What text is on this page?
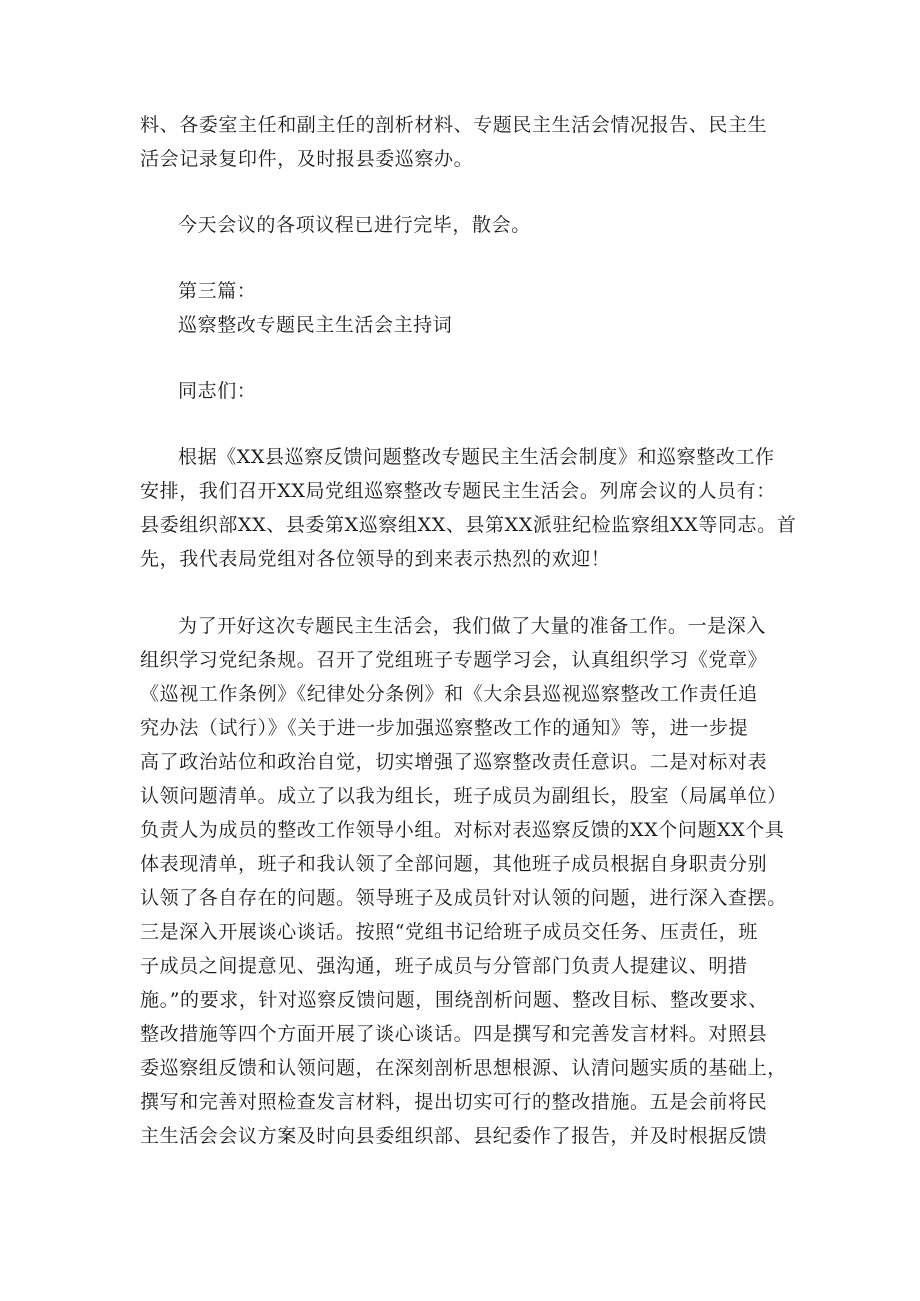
料、各委室主任和副主任的剖析材料、专题民主生活会情况报告、民主生
活会记录复印件，及时报县委巡察办。
今天会议的各项议程已进行完毕，散会。
第三篇：
巡察整改专题民主生活会主持词
同志们：
根据《XX县巡察反馈问题整改专题民主生活会制度》和巡察整改工作
安排，我们召开XX局党组巡察整改专题民主生活会。列席会议的人员有：
县委组织部XX、县委第X巡察组XX、县第XX派驻纪检监察组XX等同志。首
先，我代表局党组对各位领导的到来表示热烈的欢迎！
为了开好这次专题民主生活会，我们做了大量的准备工作。一是深入
组织学习党纪条规。召开了党组班子专题学习会，认真组织学习《党章》
《巡视工作条例》《纪律处分条例》和《大余县巡视巡察整改工作责任追
究办法（试行）》《关于进一步加强巡察整改工作的通知》等，进一步提
高了政治站位和政治自觉，切实增强了巡察整改责任意识。二是对标对表
认领问题清单。成立了以我为组长，班子成员为副组长，股室（局属单位）
负责人为成员的整改工作领导小组。对标对表巡察反馈的XX个问题XX个具
体表现清单，班子和我认领了全部问题，其他班子成员根据自身职责分别
认领了各自存在的问题。领导班子及成员针对认领的问题，进行深入查摆。
三是深入开展谈心谈话。按照“党组书记给班子成员交任务、压责任，班
子成员之间提意见、强沟通，班子成员与分管部门负责人提建议、明措
施。”的要求，针对巡察反馈问题，围绕剖析问题、整改目标、整改要求、
整改措施等四个方面开展了谈心谈话。四是撰写和完善发言材料。对照县
委巡察组反馈和认领问题，在深刻剖析思想根源、认清问题实质的基础上，
撰写和完善对照检查发言材料，提出切实可行的整改措施。五是会前将民
主生活会会议方案及时向县委组织部、县纪委作了报告，并及时根据反馈
